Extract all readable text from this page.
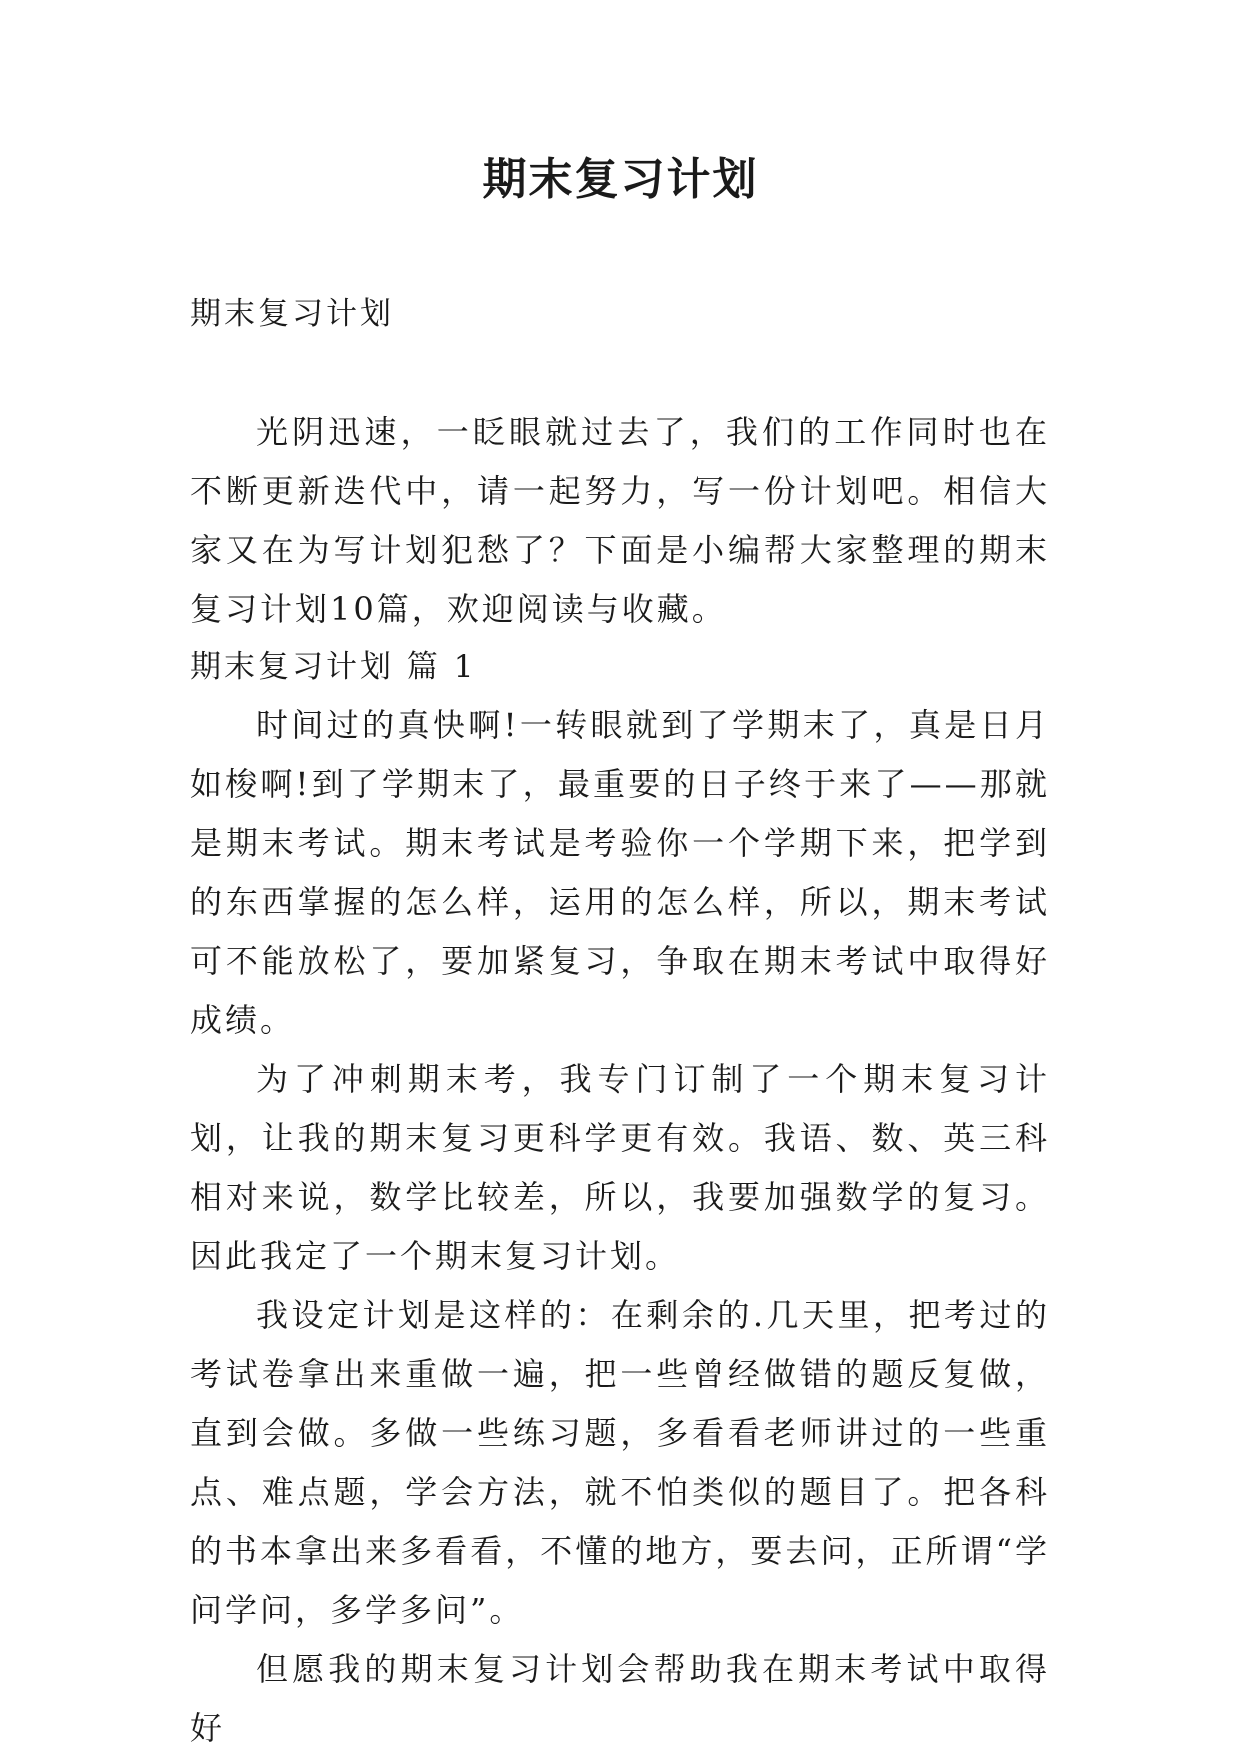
期末复习计划

期末复习计划

光阴迅速，一眨眼就过去了，我们的工作同时也在不断更新迭代中，请一起努力，写一份计划吧。相信大家又在为写计划犯愁了？下面是小编帮大家整理的期末复习计划10篇，欢迎阅读与收藏。

期末复习计划 篇 1

时间过的真快啊!一转眼就到了学期末了，真是日月如梭啊!到了学期末了，最重要的日子终于来了——那就是期末考试。期末考试是考验你一个学期下来，把学到的东西掌握的怎么样，运用的怎么样，所以，期末考试可不能放松了，要加紧复习，争取在期末考试中取得好成绩。

为了冲刺期末考，我专门订制了一个期末复习计划，让我的期末复习更科学更有效。我语、数、英三科相对来说，数学比较差，所以，我要加强数学的复习。因此我定了一个期末复习计划。

我设定计划是这样的：在剩余的.几天里，把考过的考试卷拿出来重做一遍，把一些曾经做错的题反复做，直到会做。多做一些练习题，多看看老师讲过的一些重点、难点题，学会方法，就不怕类似的题目了。把各科的书本拿出来多看看，不懂的地方，要去问，正所谓“学问学问，多学多问”。

但愿我的期末复习计划会帮助我在期末考试中取得好
